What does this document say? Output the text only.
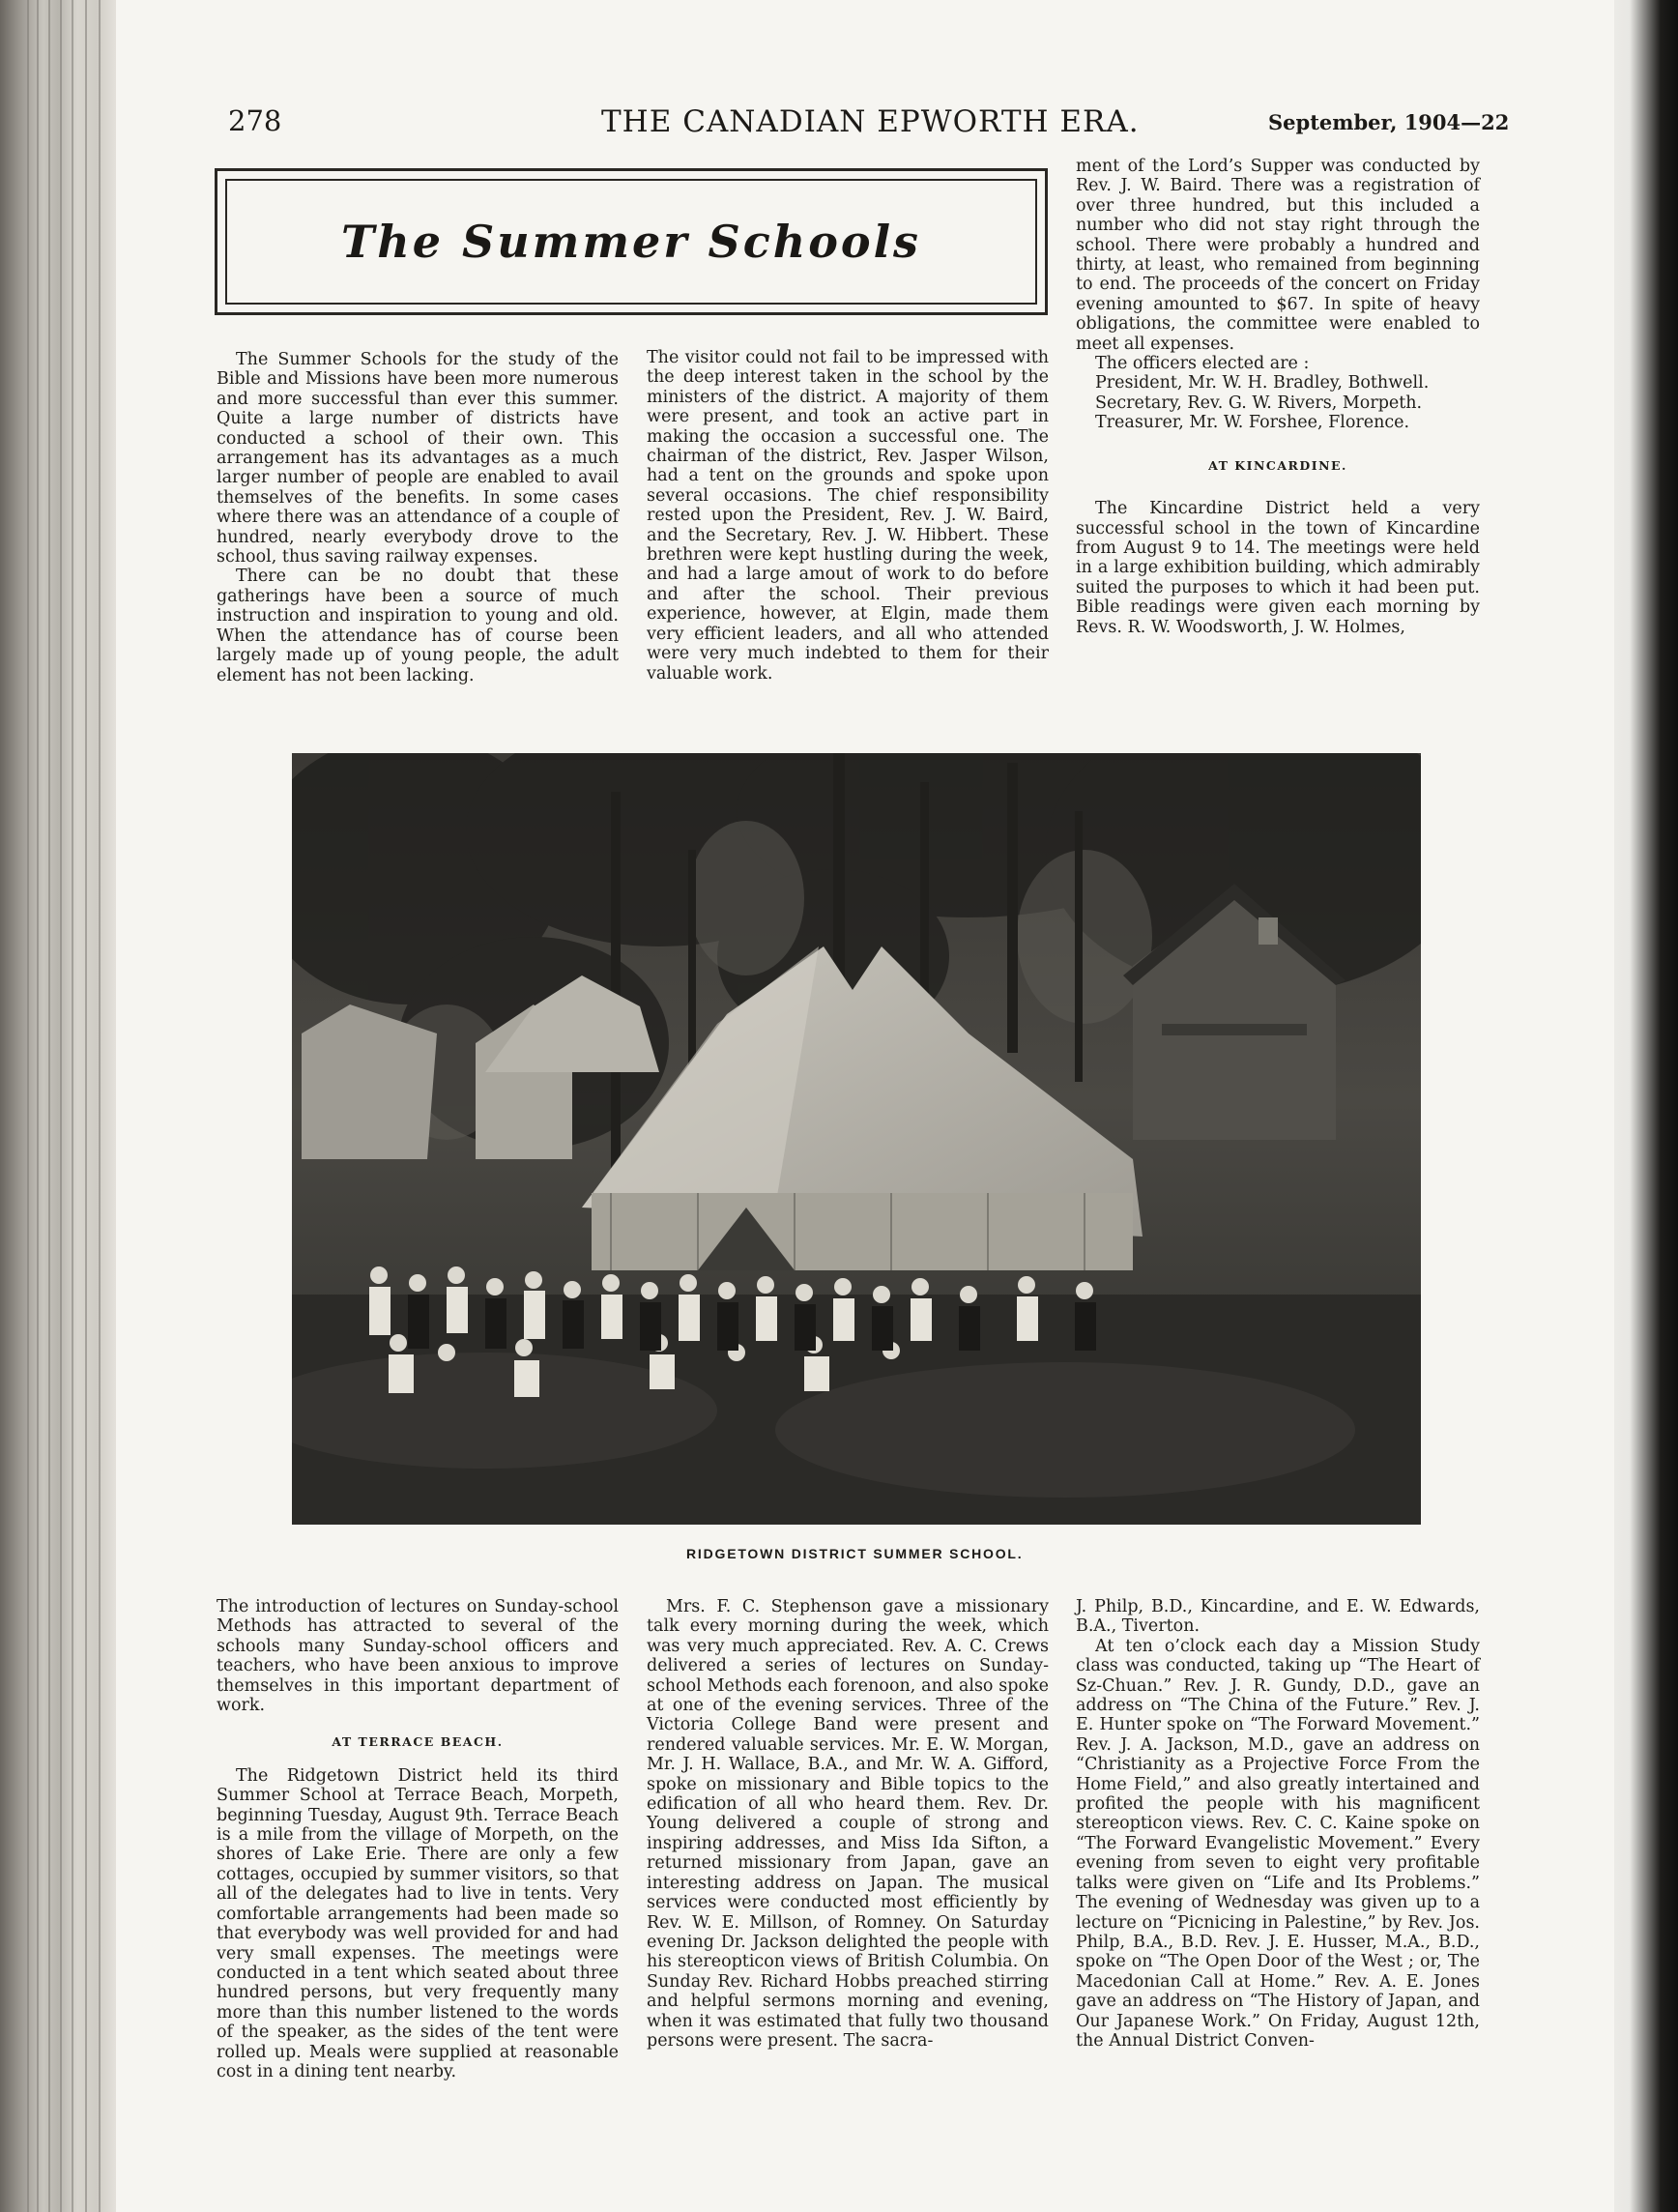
278	THE CANADIAN EPWORTH ERA.	September, 1904—22
The Summer Schools

The Summer Schools for the study of the Bible and Missions have been more numerous and more successful than ever this summer. Quite a large number of districts have conducted a school of their own. This arrangement has its advantages as a much larger number of people are enabled to avail themselves of the benefits. In some cases where there was an attendance of a couple of hundred, nearly everybody drove to the school, thus saving railway expenses.

There can be no doubt that these gatherings have been a source of much instruction and inspiration to young and old. When the attendance has of course been largely made up of young people, the adult element has not been lacking.

The visitor could not fail to be impressed with the deep interest taken in the school by the ministers of the district. A majority of them were present, and took an active part in making the occasion a successful one. The chairman of the district, Rev. Jasper Wilson, had a tent on the grounds and spoke upon several occasions. The chief responsibility rested upon the President, Rev. J. W. Baird, and the Secretary, Rev. J. W. Hibbert. These brethren were kept hustling during the week, and had a large amout of work to do before and after the school. Their previous experience, however, at Elgin, made them very efficient leaders, and all who attended were very much indebted to them for their valuable work.

ment of the Lord’s Supper was conducted by Rev. J. W. Baird. There was a registration of over three hundred, but this included a number who did not stay right through the school. There were probably a hundred and thirty, at least, who remained from beginning to end. The proceeds of the concert on Friday evening amounted to $67. In spite of heavy obligations, the committee were enabled to meet all expenses.

The officers elected are :

President, Mr. W. H. Bradley, Bothwell.

Secretary, Rev. G. W. Rivers, Morpeth.

Treasurer, Mr. W. Forshee, Florence.

AT KINCARDINE.

The Kincardine District held a very successful school in the town of Kincardine from August 9 to 14. The meetings were held in a large exhibition building, which admirably suited the purposes to which it had been put. Bible readings were given each morning by Revs. R. W. Woodsworth, J. W. Holmes,

RIDGETOWN DISTRICT SUMMER SCHOOL.

The introduction of lectures on Sunday-school Methods has attracted to several of the schools many Sunday-school officers and teachers, who have been anxious to improve themselves in this important department of work.

AT TERRACE BEACH.

The Ridgetown District held its third Summer School at Terrace Beach, Morpeth, beginning Tuesday, August 9th. Terrace Beach is a mile from the village of Morpeth, on the shores of Lake Erie. There are only a few cottages, occupied by summer visitors, so that all of the delegates had to live in tents. Very comfortable arrangements had been made so that everybody was well provided for and had very small expenses. The meetings were conducted in a tent which seated about three hundred persons, but very frequently many more than this number listened to the words of the speaker, as the sides of the tent were rolled up. Meals were supplied at reasonable cost in a dining tent nearby.

Mrs. F. C. Stephenson gave a missionary talk every morning during the week, which was very much appreciated. Rev. A. C. Crews delivered a series of lectures on Sunday-school Methods each forenoon, and also spoke at one of the evening services. Three of the Victoria College Band were present and rendered valuable services. Mr. E. W. Morgan, Mr. J. H. Wallace, B.A., and Mr. W. A. Gifford, spoke on missionary and Bible topics to the edification of all who heard them. Rev. Dr. Young delivered a couple of strong and inspiring addresses, and Miss Ida Sifton, a returned missionary from Japan, gave an interesting address on Japan. The musical services were conducted most efficiently by Rev. W. E. Millson, of Romney. On Saturday evening Dr. Jackson delighted the people with his stereopticon views of British Columbia. On Sunday Rev. Richard Hobbs preached stirring and helpful sermons morning and evening, when it was estimated that fully two thousand persons were present. The sacra-

J. Philp, B.D., Kincardine, and E. W. Edwards, B.A., Tiverton.

At ten o’clock each day a Mission Study class was conducted, taking up “The Heart of Sz-Chuan.” Rev. J. R. Gundy, D.D., gave an address on “The China of the Future.” Rev. J. E. Hunter spoke on “The Forward Movement.” Rev. J. A. Jackson, M.D., gave an address on “Christianity as a Projective Force From the Home Field,” and also greatly intertained and profited the people with his magnificent stereopticon views. Rev. C. C. Kaine spoke on “The Forward Evangelistic Movement.” Every evening from seven to eight very profitable talks were given on “Life and Its Problems.” The evening of Wednesday was given up to a lecture on “Picnicing in Palestine,” by Rev. Jos. Philp, B.A., B.D. Rev. J. E. Husser, M.A., B.D., spoke on “The Open Door of the West ; or, The Macedonian Call at Home.” Rev. A. E. Jones gave an address on “The History of Japan, and Our Japanese Work.” On Friday, August 12th, the Annual District Conven-
